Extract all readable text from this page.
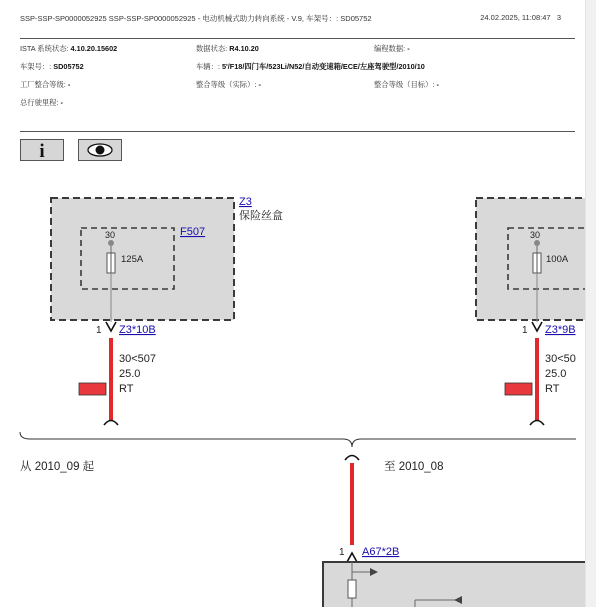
SSP-SSP-SP0000052925 SSP-SSP-SP0000052925 - 电动机械式助力转向系统 - V.9, 车架号：: SD05752	24.02.2025, 11:08:47 3
ISTA 系统状态: 4.10.20.15602	数据状态: R4.10.20	编程数据: -
车架号：: SD05752	车辆：: 5'/F18/四门车/523Li/N52/自动变速箱/ECE/左座驾驶型/2010/10
工厂整合等级: -	整合等级（实际）: -	整合等级（目标）: -
总行驶里程: -
i
Z3
保险丝盒
F507
30
125A
1 Z3*10B
30<507
25.0
RT
30
100A
1 Z3*9B
30<50
25.0
RT
从 2010_09 起	至 2010_08
1 A67*2B
